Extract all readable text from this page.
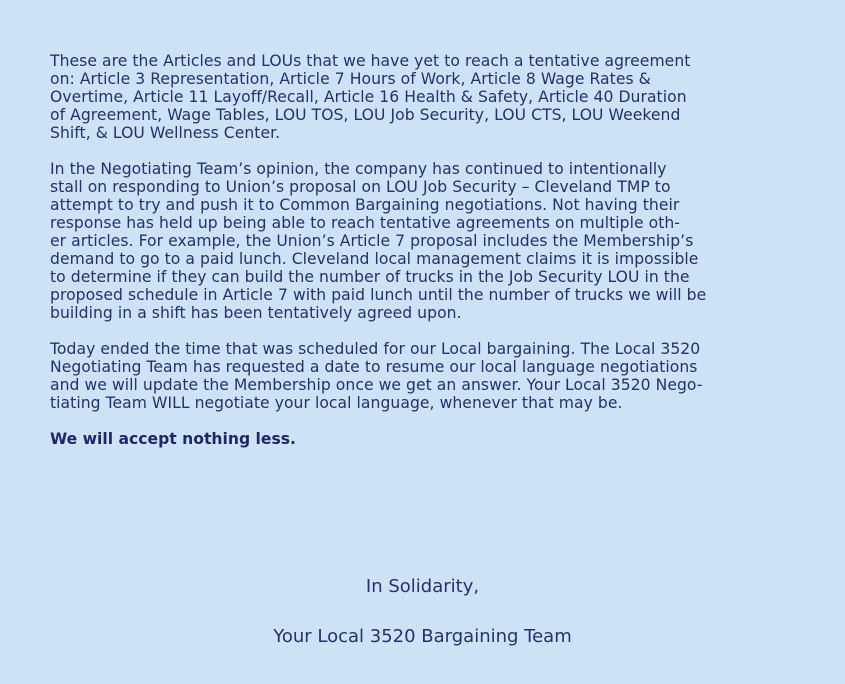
These are the Articles and LOUs that we have yet to reach a tentative agreement
on: Article 3 Representation, Article 7 Hours of Work, Article 8 Wage Rates &
Overtime, Article 11 Layoff/Recall, Article 16 Health & Safety, Article 40 Duration
of Agreement, Wage Tables, LOU TOS, LOU Job Security, LOU CTS, LOU Weekend
Shift, & LOU Wellness Center.

In the Negotiating Team’s opinion, the company has continued to intentionally
stall on responding to Union’s proposal on LOU Job Security – Cleveland TMP to
attempt to try and push it to Common Bargaining negotiations. Not having their
response has held up being able to reach tentative agreements on multiple oth-
er articles. For example, the Union’s Article 7 proposal includes the Membership’s
demand to go to a paid lunch. Cleveland local management claims it is impossible
to determine if they can build the number of trucks in the Job Security LOU in the
proposed schedule in Article 7 with paid lunch until the number of trucks we will be
building in a shift has been tentatively agreed upon.

Today ended the time that was scheduled for our Local bargaining. The Local 3520
Negotiating Team has requested a date to resume our local language negotiations
and we will update the Membership once we get an answer. Your Local 3520 Nego-
tiating Team WILL negotiate your local language, whenever that may be.

We will accept nothing less.

In Solidarity,
Your Local 3520 Bargaining Team
